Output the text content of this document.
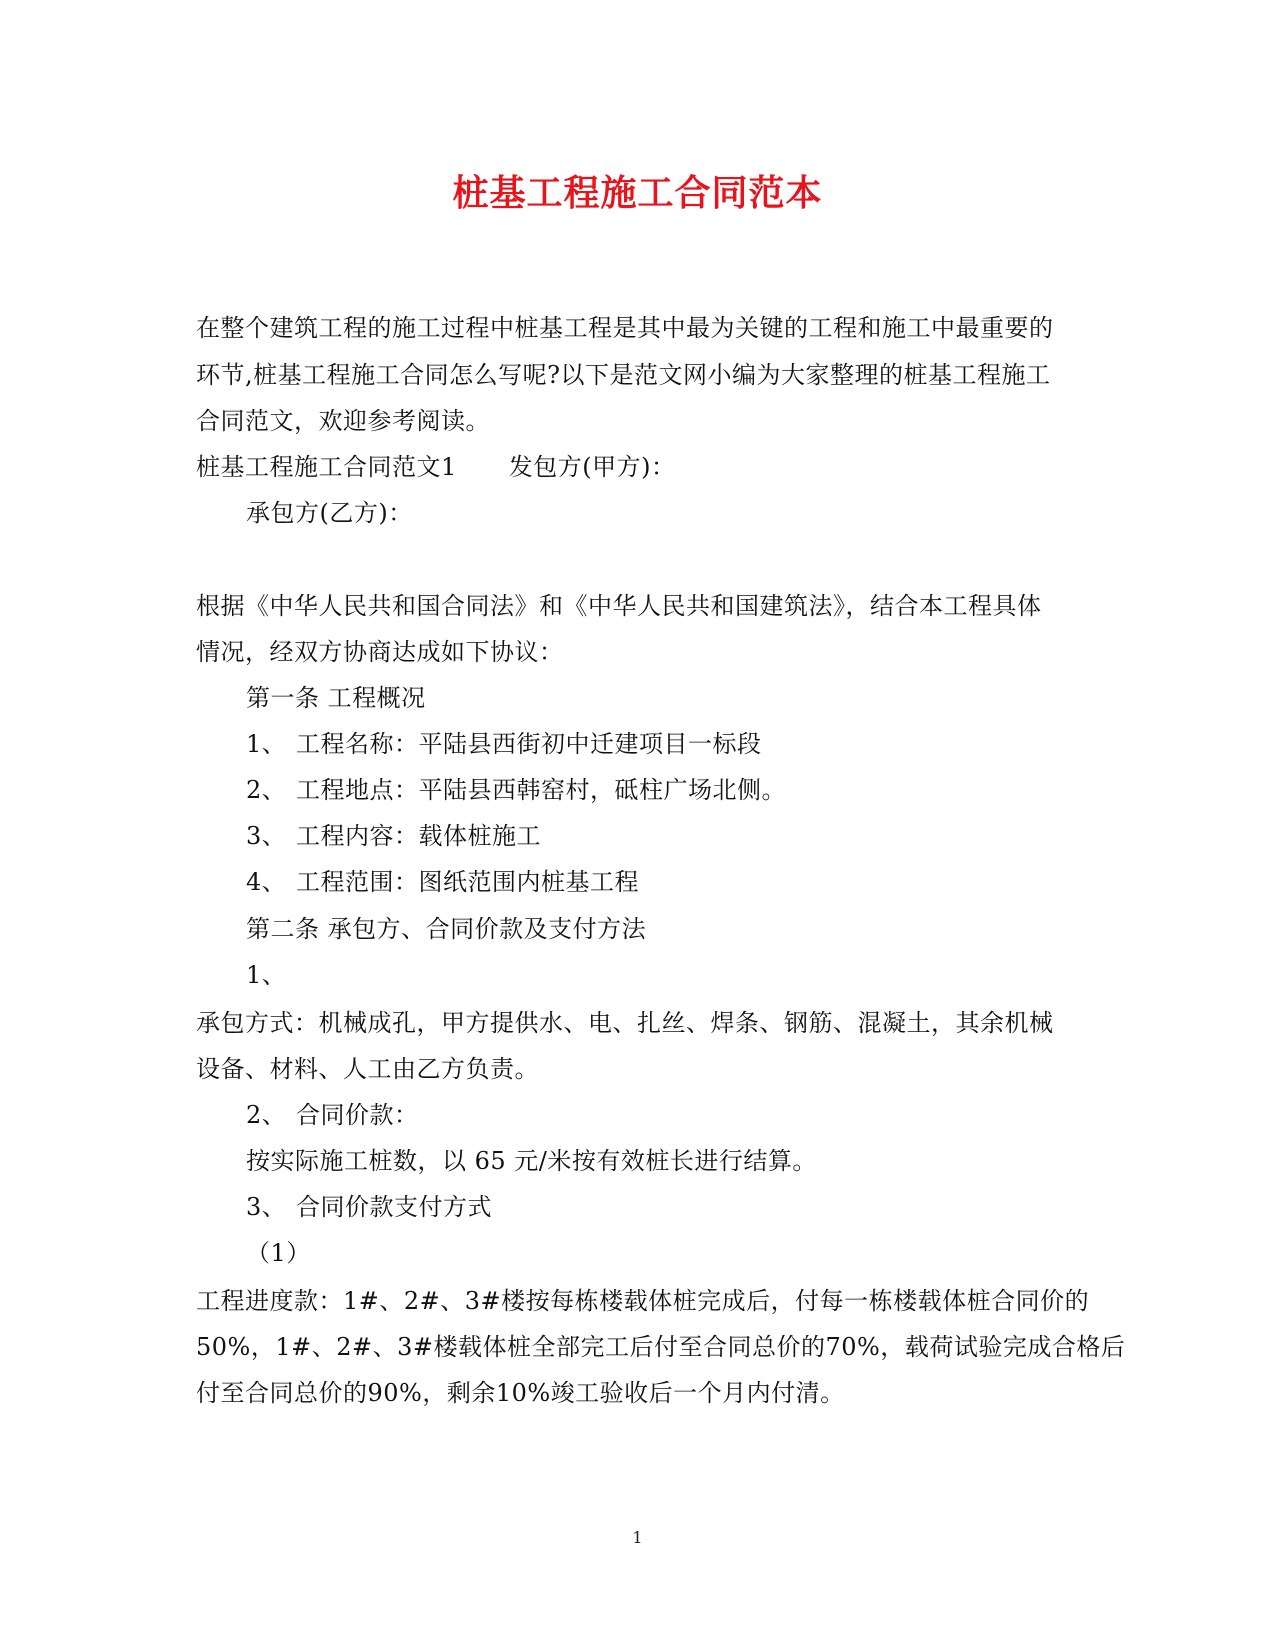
桩基工程施工合同范本
在整个建筑工程的施工过程中桩基工程是其中最为关键的工程和施工中最重要的
环节,桩基工程施工合同怎么写呢?以下是范文网小编为大家整理的桩基工程施工
合同范文，欢迎参考阅读。
桩基工程施工合同范文1 发包方(甲方)：
承包方(乙方)：
根据《中华人民共和国合同法》和《中华人民共和国建筑法》，结合本工程具体
情况，经双方协商达成如下协议：
第一条 工程概况
1、 工程名称：平陆县西街初中迁建项目一标段
2、 工程地点：平陆县西韩窑村，砥柱广场北侧。
3、 工程内容：载体桩施工
4、 工程范围：图纸范围内桩基工程
第二条 承包方、合同价款及支付方法
1、
承包方式：机械成孔，甲方提供水、电、扎丝、焊条、钢筋、混凝土，其余机械
设备、材料、人工由乙方负责。
2、 合同价款：
按实际施工桩数，以 65 元/米按有效桩长进行结算。
3、 合同价款支付方式
（1）
工程进度款：1#、2#、3#楼按每栋楼载体桩完成后，付每一栋楼载体桩合同价的
50%，1#、2#、3#楼载体桩全部完工后付至合同总价的70%，载荷试验完成合格后
付至合同总价的90%，剩余10%竣工验收后一个月内付清。
1
